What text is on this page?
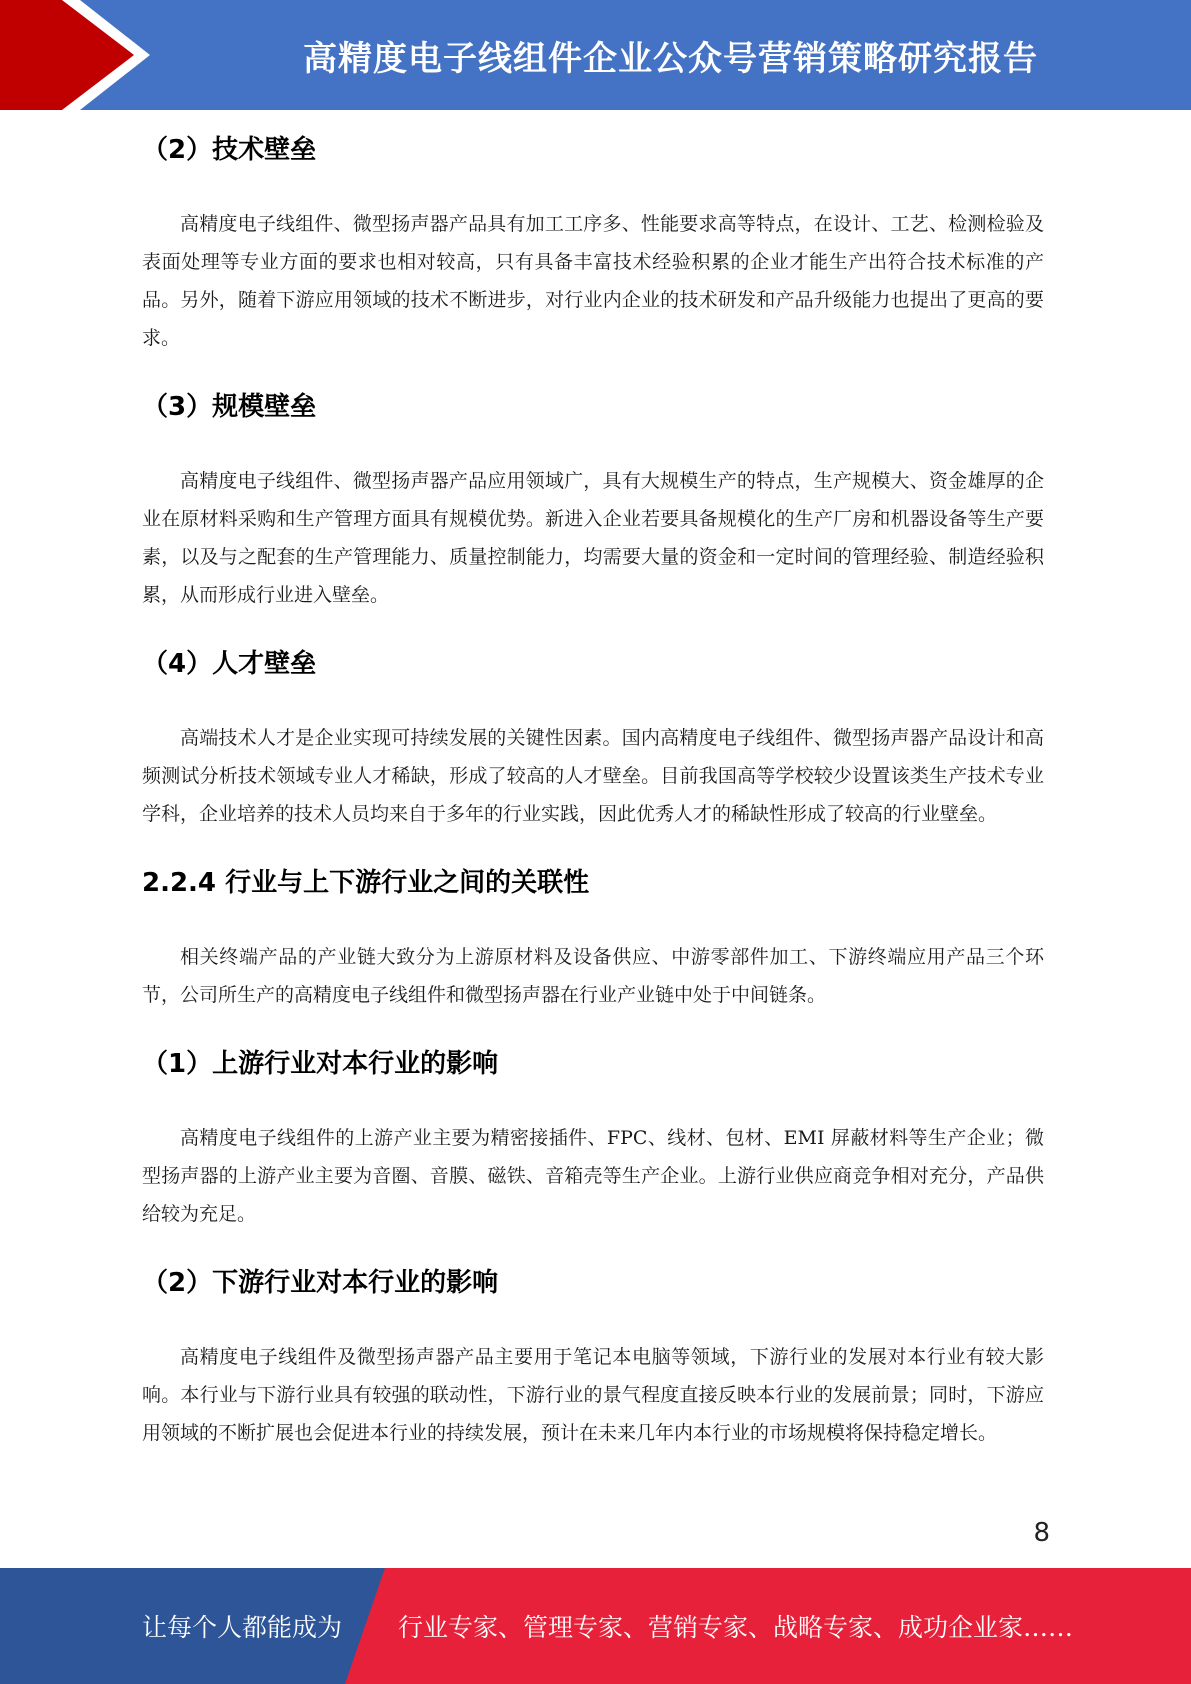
高精度电子线组件企业公众号营销策略研究报告
（2）技术壁垒

高精度电子线组件、微型扬声器产品具有加工工序多、性能要求高等特点，在设计、工艺、检测检验及表面处理等专业方面的要求也相对较高，只有具备丰富技术经验积累的企业才能生产出符合技术标准的产品。另外，随着下游应用领域的技术不断进步，对行业内企业的技术研发和产品升级能力也提出了更高的要求。

（3）规模壁垒

高精度电子线组件、微型扬声器产品应用领域广，具有大规模生产的特点，生产规模大、资金雄厚的企业在原材料采购和生产管理方面具有规模优势。新进入企业若要具备规模化的生产厂房和机器设备等生产要素，以及与之配套的生产管理能力、质量控制能力，均需要大量的资金和一定时间的管理经验、制造经验积累，从而形成行业进入壁垒。

（4）人才壁垒

高端技术人才是企业实现可持续发展的关键性因素。国内高精度电子线组件、微型扬声器产品设计和高频测试分析技术领域专业人才稀缺，形成了较高的人才壁垒。目前我国高等学校较少设置该类生产技术专业学科，企业培养的技术人员均来自于多年的行业实践，因此优秀人才的稀缺性形成了较高的行业壁垒。

2.2.4 行业与上下游行业之间的关联性

相关终端产品的产业链大致分为上游原材料及设备供应、中游零部件加工、下游终端应用产品三个环节，公司所生产的高精度电子线组件和微型扬声器在行业产业链中处于中间链条。

（1）上游行业对本行业的影响

高精度电子线组件的上游产业主要为精密接插件、FPC、线材、包材、EMI 屏蔽材料等生产企业；微型扬声器的上游产业主要为音圈、音膜、磁铁、音箱壳等生产企业。上游行业供应商竞争相对充分，产品供给较为充足。

（2）下游行业对本行业的影响

高精度电子线组件及微型扬声器产品主要用于笔记本电脑等领域，下游行业的发展对本行业有较大影响。本行业与下游行业具有较强的联动性，下游行业的景气程度直接反映本行业的发展前景；同时，下游应用领域的不断扩展也会促进本行业的持续发展，预计在未来几年内本行业的市场规模将保持稳定增长。

8
让每个人都能成为 行业专家、管理专家、营销专家、战略专家、成功企业家……
